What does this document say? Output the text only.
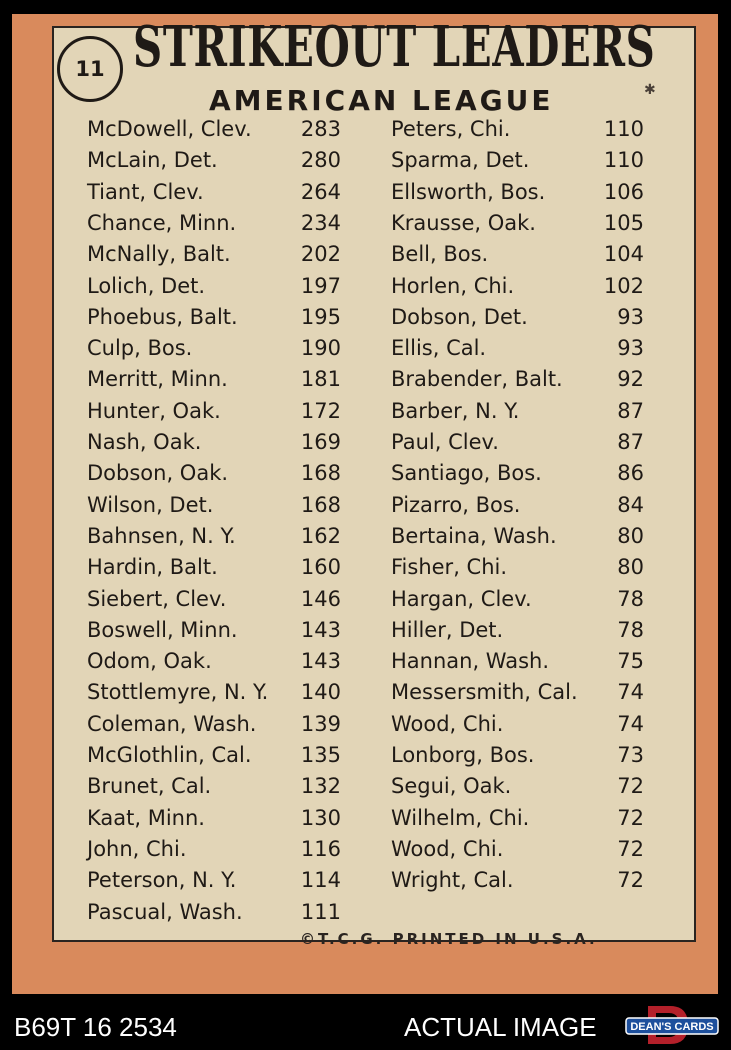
11 STRIKEOUT LEADERS
AMERICAN LEAGUE	✱
McDowell, Clev. 283
McLain, Det.	280
Tiant, Clev.	264
Chance, Minn.	234
McNally, Balt.	202
Lolich, Det.	197
Phoebus, Balt.	195
Culp, Bos.	190
Merritt, Minn.	181
Hunter, Oak.	172
Nash, Oak.	169
Dobson, Oak.	168
Wilson, Det.	168
Bahnsen, N. Y.	162
Hardin, Balt.	160
Siebert, Clev.	146
Boswell, Minn.	143
Odom, Oak.	143
Stottlemyre, N. Y. 140
Coleman, Wash. 139
McGlothlin, Cal. 135
Brunet, Cal.	132
Kaat, Minn.	130
John, Chi.	116
Peterson, N. Y.	114
Pascual, Wash.	111
Peters, Chi.	110
Sparma, Det.	110
Ellsworth, Bos.	106
Krausse, Oak.	105
Bell, Bos.	104
Horlen, Chi.	102
Dobson, Det.	93
Ellis, Cal.	93
Brabender, Balt.	92
Barber, N. Y.	87
Paul, Clev.	87
Santiago, Bos.	86
Pizarro, Bos.	84
Bertaina, Wash.	80
Fisher, Chi.	80
Hargan, Clev.	78
Hiller, Det.	78
Hannan, Wash.	75
Messersmith, Cal. 74
Wood, Chi.	74
Lonborg, Bos.	73
Segui, Oak.	72
Wilhelm, Chi.	72
Wood, Chi.	72
Wright, Cal.	72
©T.C.G. PRINTED IN U.S.A.
B69T 16 2534	ACTUAL IMAGE	DEAN'S CARDS
